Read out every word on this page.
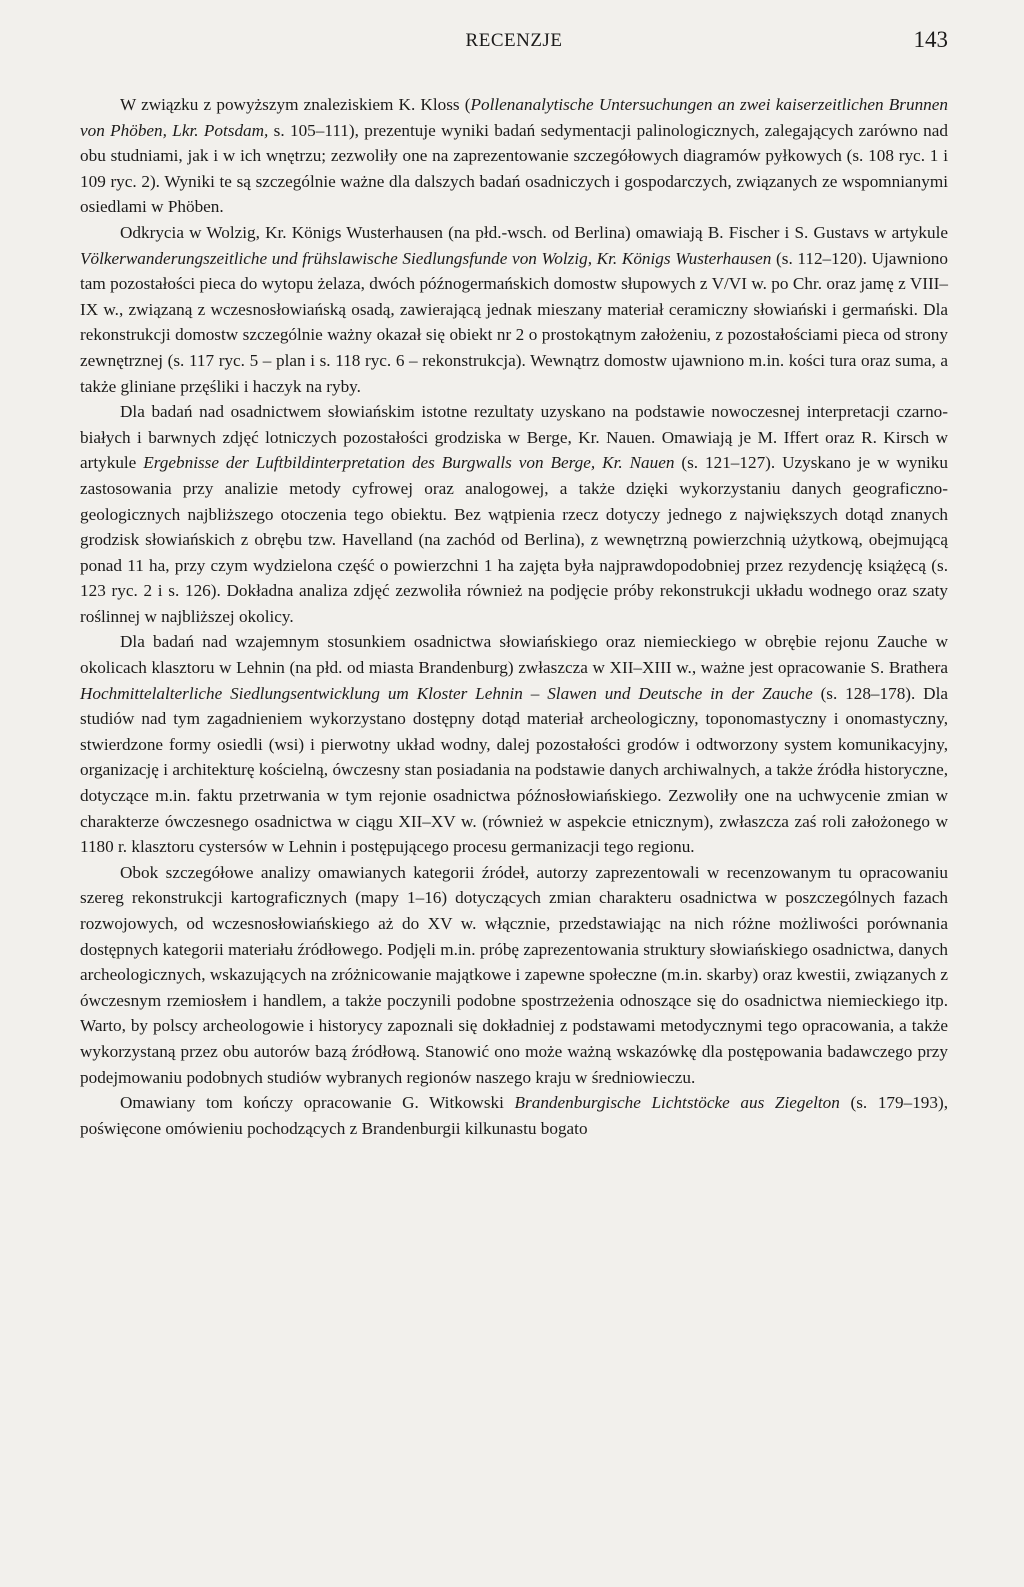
RECENZJE	143

W związku z powyższym znaleziskiem K. Kloss (Pollenanalytische Untersuchungen an zwei kaiserzeitlichen Brunnen von Phöben, Lkr. Potsdam, s. 105–111), prezentuje wyniki badań sedymentacji palinologicznych, zalegających zarówno nad obu studniami, jak i w ich wnętrzu; zezwoliły one na zaprezentowanie szczegółowych diagramów pyłkowych (s. 108 ryc. 1 i 109 ryc. 2). Wyniki te są szczególnie ważne dla dalszych badań osadniczych i gospodarczych, związanych ze wspomnianymi osiedlami w Phöben.

Odkrycia w Wolzig, Kr. Königs Wusterhausen (na płd.-wsch. od Berlina) omawiają B. Fischer i S. Gustavs w artykule Völkerwanderungszeitliche und frühslawische Siedlungsfunde von Wolzig, Kr. Königs Wusterhausen (s. 112–120). Ujawniono tam pozostałości pieca do wytopu żelaza, dwóch późnogermańskich domostw słupowych z V/VI w. po Chr. oraz jamę z VIII–IX w., związaną z wczesnosłowiańską osadą, zawierającą jednak mieszany materiał ceramiczny słowiański i germański. Dla rekonstrukcji domostw szczególnie ważny okazał się obiekt nr 2 o prostokątnym założeniu, z pozostałościami pieca od strony zewnętrznej (s. 117 ryc. 5 – plan i s. 118 ryc. 6 – rekonstrukcja). Wewnątrz domostw ujawniono m.in. kości tura oraz suma, a także gliniane przęśliki i haczyk na ryby.

Dla badań nad osadnictwem słowiańskim istotne rezultaty uzyskano na podstawie nowoczesnej interpretacji czarno-białych i barwnych zdjęć lotniczych pozostałości grodziska w Berge, Kr. Nauen. Omawiają je M. Iffert oraz R. Kirsch w artykule Ergebnisse der Luftbildinterpretation des Burgwalls von Berge, Kr. Nauen (s. 121–127). Uzyskano je w wyniku zastosowania przy analizie metody cyfrowej oraz analogowej, a także dzięki wykorzystaniu danych geograficzno-geologicznych najbliższego otoczenia tego obiektu. Bez wątpienia rzecz dotyczy jednego z największych dotąd znanych grodzisk słowiańskich z obrębu tzw. Havelland (na zachód od Berlina), z wewnętrzną powierzchnią użytkową, obejmującą ponad 11 ha, przy czym wydzielona część o powierzchni 1 ha zajęta była najprawdopodobniej przez rezydencję książęcą (s. 123 ryc. 2 i s. 126). Dokładna analiza zdjęć zezwoliła również na podjęcie próby rekonstrukcji układu wodnego oraz szaty roślinnej w najbliższej okolicy.

Dla badań nad wzajemnym stosunkiem osadnictwa słowiańskiego oraz niemieckiego w obrębie rejonu Zauche w okolicach klasztoru w Lehnin (na płd. od miasta Brandenburg) zwłaszcza w XII–XIII w., ważne jest opracowanie S. Brathera Hochmittelalterliche Siedlungsentwicklung um Kloster Lehnin – Slawen und Deutsche in der Zauche (s. 128–178). Dla studiów nad tym zagadnieniem wykorzystano dostępny dotąd materiał archeologiczny, toponomastyczny i onomastyczny, stwierdzone formy osiedli (wsi) i pierwotny układ wodny, dalej pozostałości grodów i odtworzony system komunikacyjny, organizację i architekturę kościelną, ówczesny stan posiadania na podstawie danych archiwalnych, a także źródła historyczne, dotyczące m.in. faktu przetrwania w tym rejonie osadnictwa późnosłowiańskiego. Zezwoliły one na uchwycenie zmian w charakterze ówczesnego osadnictwa w ciągu XII–XV w. (również w aspekcie etnicznym), zwłaszcza zaś roli założonego w 1180 r. klasztoru cystersów w Lehnin i postępującego procesu germanizacji tego regionu.

Obok szczegółowe analizy omawianych kategorii źródeł, autorzy zaprezentowali w recenzowanym tu opracowaniu szereg rekonstrukcji kartograficznych (mapy 1–16) dotyczących zmian charakteru osadnictwa w poszczególnych fazach rozwojowych, od wczesnosłowiańskiego aż do XV w. włącznie, przedstawiając na nich różne możliwości porównania dostępnych kategorii materiału źródłowego. Podjęli m.in. próbę zaprezentowania struktury słowiańskiego osadnictwa, danych archeologicznych, wskazujących na zróżnicowanie majątkowe i zapewne społeczne (m.in. skarby) oraz kwestii, związanych z ówczesnym rzemiosłem i handlem, a także poczynili podobne spostrzeżenia odnoszące się do osadnictwa niemieckiego itp. Warto, by polscy archeologowie i historycy zapoznali się dokładniej z podstawami metodycznymi tego opracowania, a także wykorzystaną przez obu autorów bazą źródłową. Stanowić ono może ważną wskazówkę dla postępowania badawczego przy podejmowaniu podobnych studiów wybranych regionów naszego kraju w średniowieczu.

Omawiany tom kończy opracowanie G. Witkowski Brandenburgische Lichtstöcke aus Ziegelton (s. 179–193), poświęcone omówieniu pochodzących z Brandenburgii kilkunastu bogato
